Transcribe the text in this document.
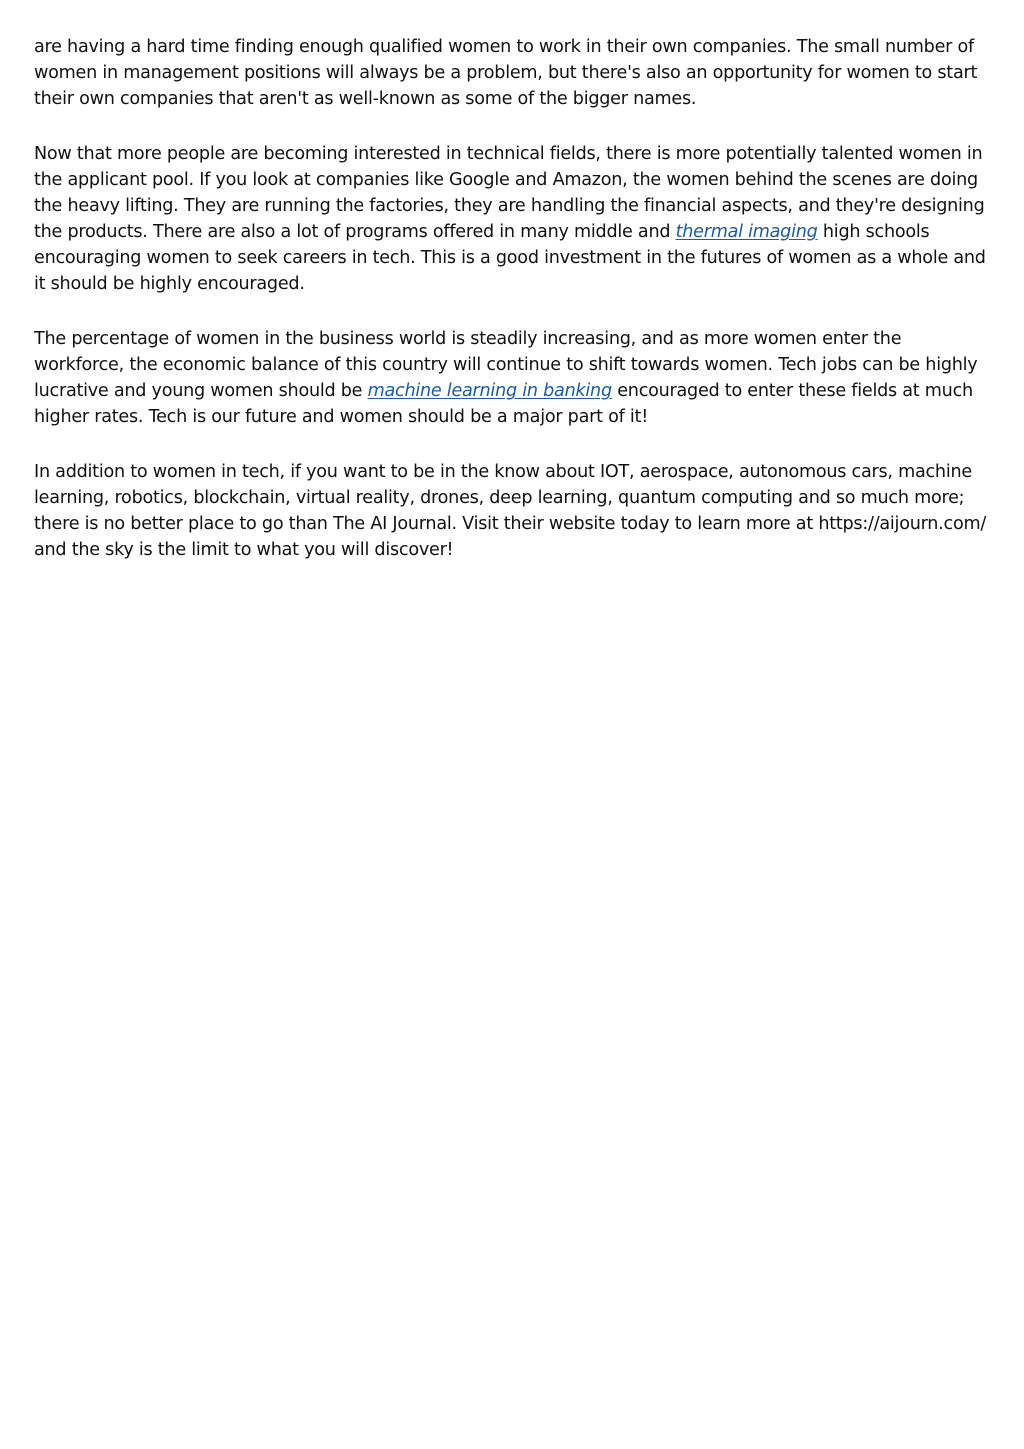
are having a hard time finding enough qualified women to work in their own companies. The small number of women in management positions will always be a problem, but there's also an opportunity for women to start their own companies that aren't as well-known as some of the bigger names.

Now that more people are becoming interested in technical fields, there is more potentially talented women in the applicant pool. If you look at companies like Google and Amazon, the women behind the scenes are doing the heavy lifting. They are running the factories, they are handling the financial aspects, and they're designing the products. There are also a lot of programs offered in many middle and thermal imaging high schools encouraging women to seek careers in tech. This is a good investment in the futures of women as a whole and it should be highly encouraged.

The percentage of women in the business world is steadily increasing, and as more women enter the workforce, the economic balance of this country will continue to shift towards women. Tech jobs can be highly lucrative and young women should be machine learning in banking encouraged to enter these fields at much higher rates. Tech is our future and women should be a major part of it!

In addition to women in tech, if you want to be in the know about IOT, aerospace, autonomous cars, machine learning, robotics, blockchain, virtual reality, drones, deep learning, quantum computing and so much more; there is no better place to go than The AI Journal. Visit their website today to learn more at https://aijourn.com/ and the sky is the limit to what you will discover!
